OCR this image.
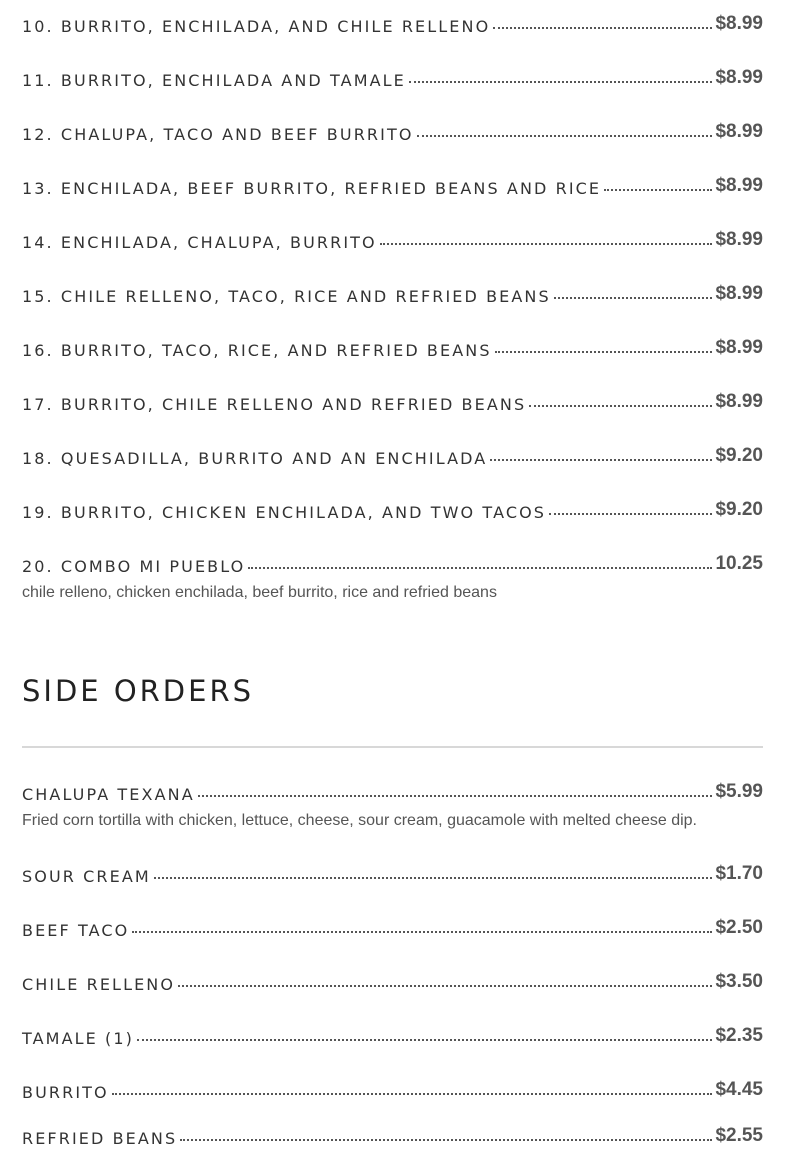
10. BURRITO, ENCHILADA, AND CHILE RELLENO	$8.99
11. BURRITO, ENCHILADA AND TAMALE	$8.99
12. CHALUPA, TACO AND BEEF BURRITO	$8.99
13. ENCHILADA, BEEF BURRITO, REFRIED BEANS AND RICE	$8.99
14. ENCHILADA, CHALUPA, BURRITO	$8.99
15. CHILE RELLENO, TACO, RICE AND REFRIED BEANS	$8.99
16. BURRITO, TACO, RICE, AND REFRIED BEANS	$8.99
17. BURRITO, CHILE RELLENO AND REFRIED BEANS	$8.99
18. QUESADILLA, BURRITO AND AN ENCHILADA	$9.20
19. BURRITO, CHICKEN ENCHILADA, AND TWO TACOS	$9.20
20. COMBO MI PUEBLO	10.25
chile relleno, chicken enchilada, beef burrito, rice and refried beans
SIDE ORDERS
CHALUPA TEXANA	$5.99
Fried corn tortilla with chicken, lettuce, cheese, sour cream, guacamole with melted cheese dip.
SOUR CREAM	$1.70
BEEF TACO	$2.50
CHILE RELLENO	$3.50
TAMALE (1)	$2.35
BURRITO	$4.45
REFRIED BEANS	$2.55
